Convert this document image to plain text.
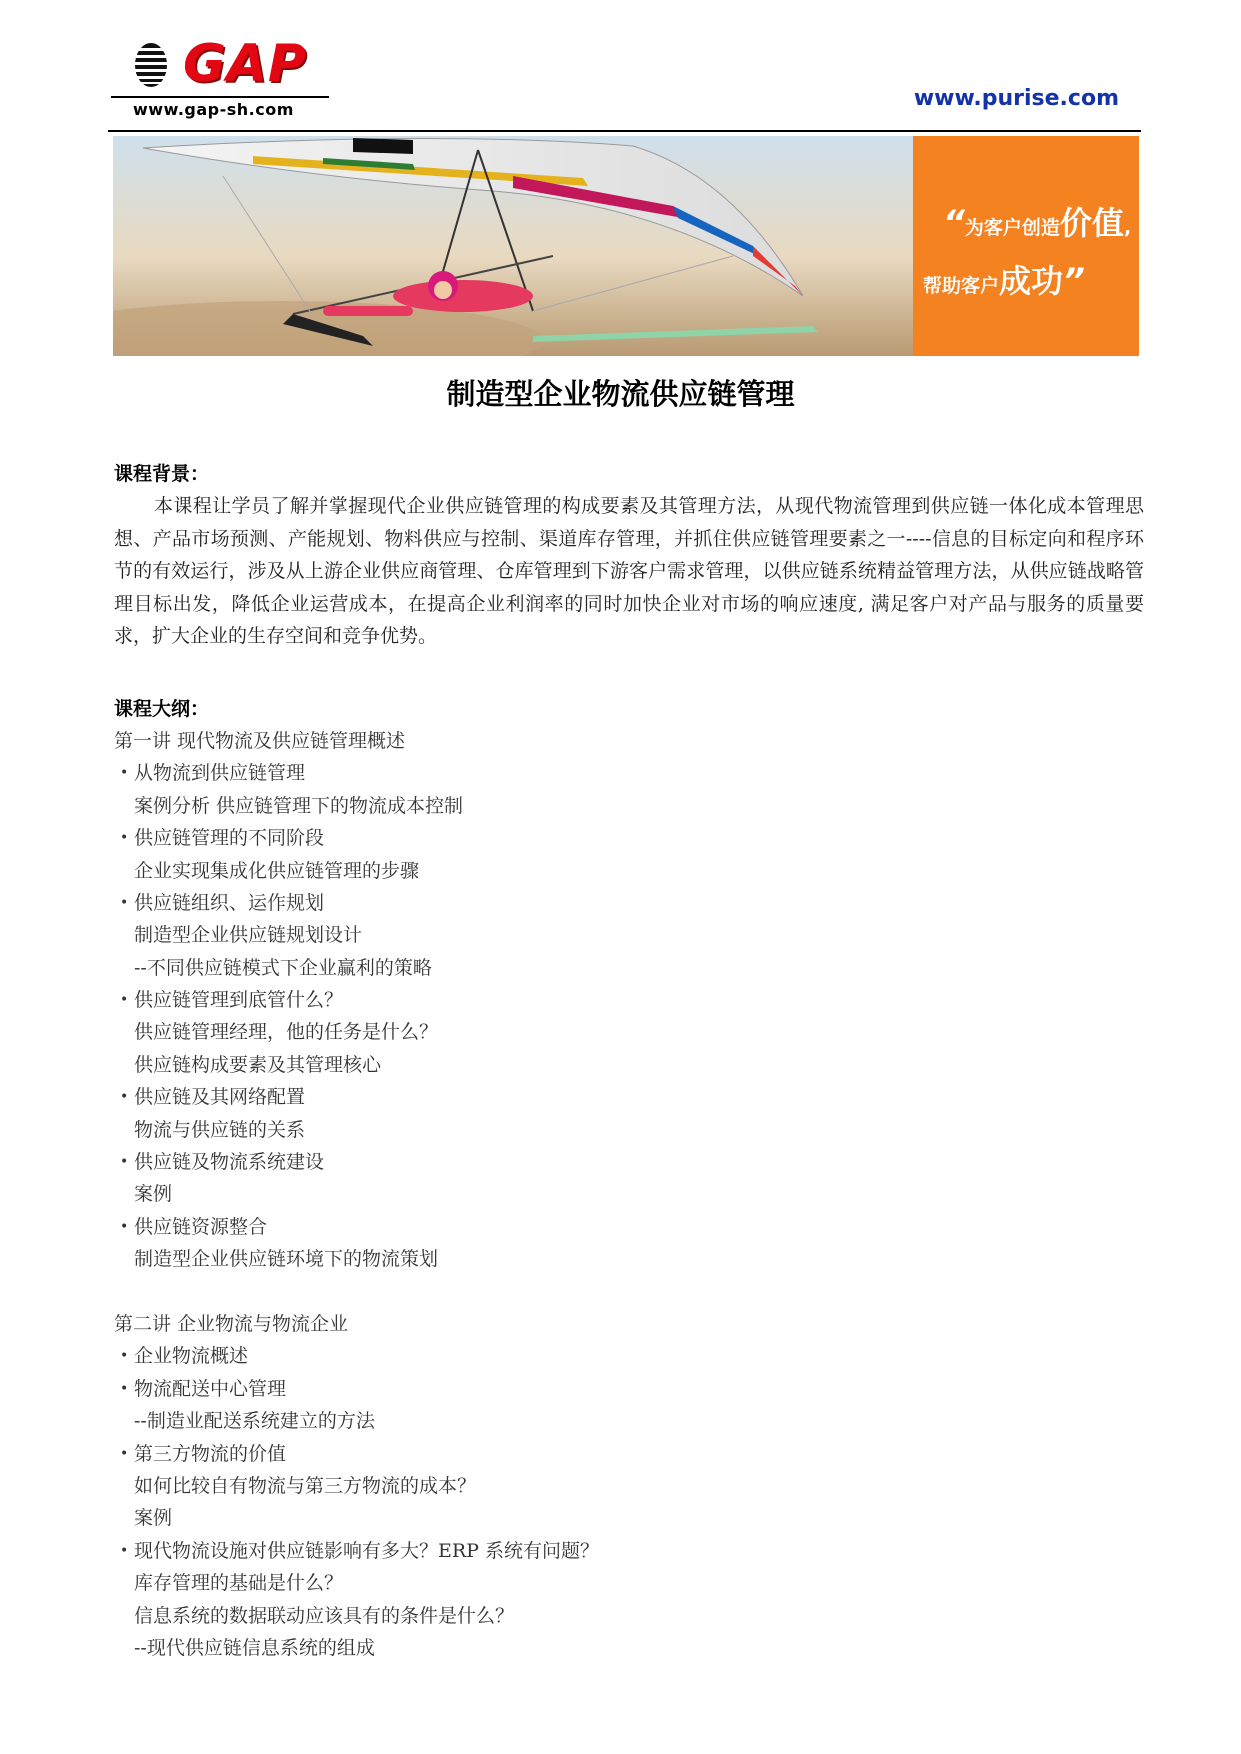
GAP
www.gap-sh.com	www.purise.com
“为客户创造价值,
帮助客户成功”
制造型企业物流供应链管理
课程背景：

本课程让学员了解并掌握现代企业供应链管理的构成要素及其管理方法，从现代物流管理到供应链一体化成本管理思想、产品市场预测、产能规划、物料供应与控制、渠道库存管理，并抓住供应链管理要素之一----信息的目标定向和程序环节的有效运行，涉及从上游企业供应商管理、仓库管理到下游客户需求管理，以供应链系统精益管理方法，从供应链战略管理目标出发，降低企业运营成本，在提高企业利润率的同时加快企业对市场的响应速度, 满足客户对产品与服务的质量要求，扩大企业的生存空间和竞争优势。

课程大纲：
第一讲 现代物流及供应链管理概述
• 从物流到供应链管理
案例分析 供应链管理下的物流成本控制
• 供应链管理的不同阶段
企业实现集成化供应链管理的步骤
• 供应链组织、运作规划
制造型企业供应链规划设计
--不同供应链模式下企业赢利的策略
• 供应链管理到底管什么？
供应链管理经理，他的任务是什么？
供应链构成要素及其管理核心
• 供应链及其网络配置
物流与供应链的关系
• 供应链及物流系统建设
案例
• 供应链资源整合
制造型企业供应链环境下的物流策划
第二讲 企业物流与物流企业
• 企业物流概述
• 物流配送中心管理
--制造业配送系统建立的方法
• 第三方物流的价值
如何比较自有物流与第三方物流的成本？
案例
• 现代物流设施对供应链影响有多大？ERP 系统有问题？
库存管理的基础是什么？
信息系统的数据联动应该具有的条件是什么？
--现代供应链信息系统的组成
